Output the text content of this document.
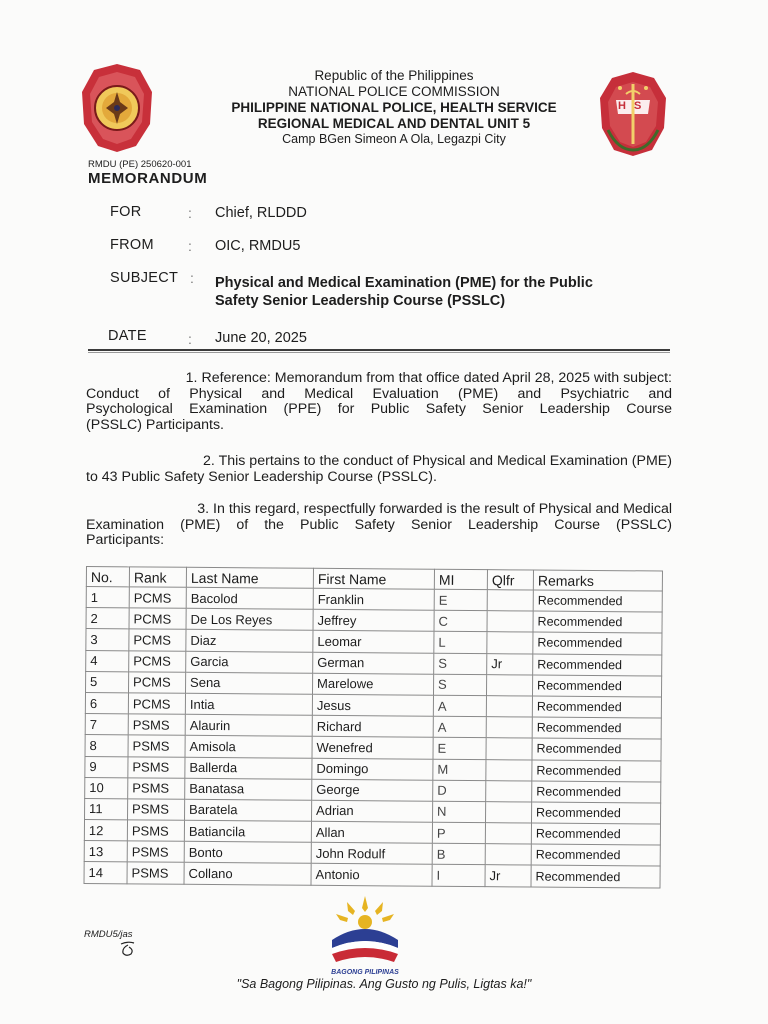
HS
Republic of the Philippines
NATIONAL POLICE COMMISSION
PHILIPPINE NATIONAL POLICE, HEALTH SERVICE
REGIONAL MEDICAL AND DENTAL UNIT 5
Camp BGen Simeon A Ola, Legazpi City
RMDU (PE) 250620-001
MEMORANDUM
FOR	: Chief, RLDDD
FROM : OIC, RMDU5
SUBJECT : Physical and Medical Examination (PME) for the Public
Safety Senior Leadership Course (PSSLC)
DATE	: June 20, 2025

1. Reference: Memorandum from that office dated April 28, 2025 with subject:

Conduct of Physical and Medical Evaluation (PME) and Psychiatric and

Psychological Examination (PPE) for Public Safety Senior Leadership Course

(PSSLC) Participants.

2. This pertains to the conduct of Physical and Medical Examination (PME)

to 43 Public Safety Senior Leadership Course (PSSLC).

3. In this regard, respectfully forwarded is the result of Physical and Medical

Examination (PME) of the Public Safety Senior Leadership Course (PSSLC)

Participants:

No.	Rank	Last Name	First Name	MI	Qlfr	Remarks
1	PCMS	Bacolod	Franklin	E		Recommended
2	PCMS	De Los Reyes	Jeffrey	C		Recommended
3	PCMS	Diaz	Leomar	L		Recommended
4	PCMS	Garcia	German	S	Jr	Recommended
5	PCMS	Sena	Marelowe	S		Recommended
6	PCMS	Intia	Jesus	A		Recommended
7	PSMS	Alaurin	Richard	A		Recommended
8	PSMS	Amisola	Wenefred	E		Recommended
9	PSMS	Ballerda	Domingo	M		Recommended
10	PSMS	Banatasa	George	D		Recommended
11	PSMS	Baratela	Adrian	N		Recommended
12	PSMS	Batiancila	Allan	P		Recommended
13	PSMS	Bonto	John Rodulf	B		Recommended
14	PSMS	Collano	Antonio	I	Jr	Recommended
RMDU5/jas
BAGONG PILIPINAS
"Sa Bagong Pilipinas. Ang Gusto ng Pulis, Ligtas ka!"
